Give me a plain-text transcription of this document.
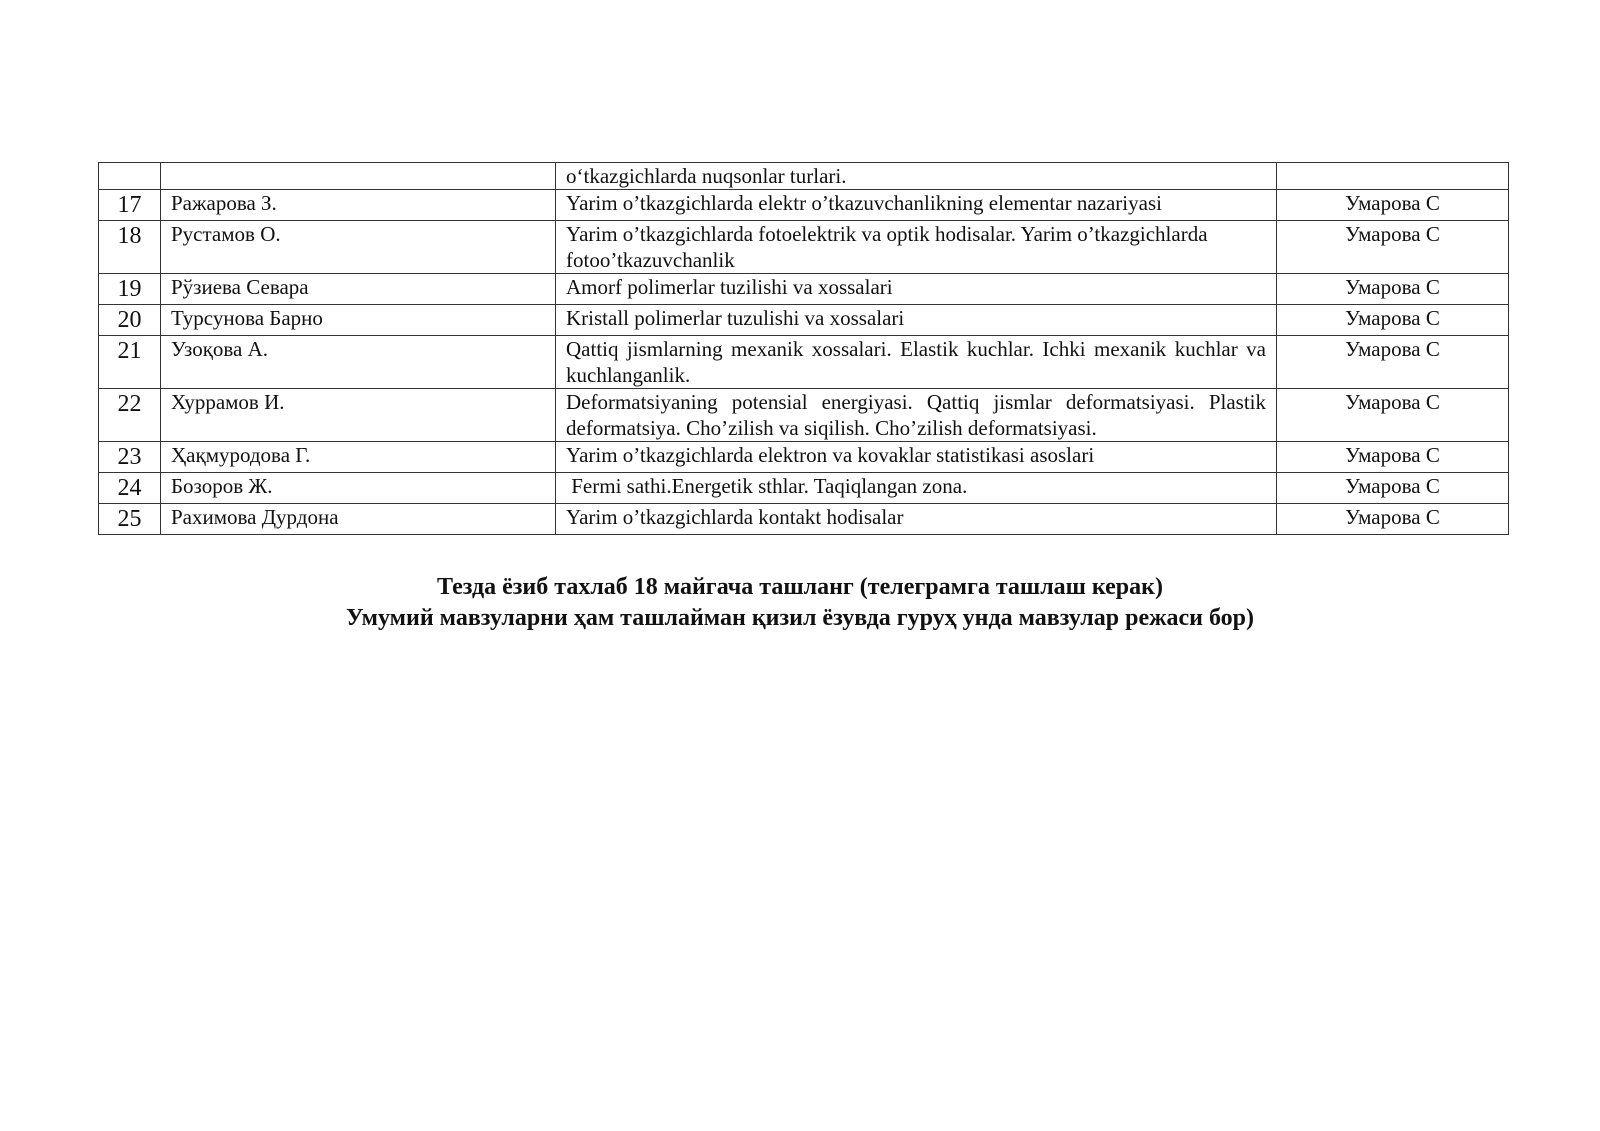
		o‘tkazgichlarda nuqsonlar turlari.	
17	Ражарова З.	Yarim o’tkazgichlarda elektr o’tkazuvchanlikning elementar nazariyasi	Умарова С
18	Рустамов О.	Yarim o’tkazgichlarda fotoelektrik va optik hodisalar. Yarim o’tkazgichlarda fotoo’tkazuvchanlik	Умарова С
19	Рўзиева Севара	Amorf polimerlar tuzilishi va xossalari	Умарова С
20	Турсунова Барно	Kristall polimerlar tuzulishi va xossalari	Умарова С
21	Узоқова А.	Qattiq jismlarning mexanik xossalari. Elastik kuchlar. Ichki mexanik kuchlar va kuchlanganlik.	Умарова С
22	Хуррамов И.	Deformatsiyaning potensial energiyasi. Qattiq jismlar deformatsiyasi. Plastik deformatsiya. Cho’zilish va siqilish. Cho’zilish deformatsiyasi.	Умарова С
23	Ҳақмуродова Г.	Yarim o’tkazgichlarda elektron va kovaklar statistikasi asoslari	Умарова С
24	Бозоров Ж.	Fermi sathi.Energetik sthlar. Taqiqlangan zona.	Умарова С
25	Рахимова Дурдона	Yarim o’tkazgichlarda kontakt hodisalar	Умарова С
Тезда ёзиб тахлаб 18 майгача ташланг (телеграмга ташлаш керак)
Умумий мавзуларни ҳам ташлайман қизил ёзувда гуруҳ унда мавзулар режаси бор)
